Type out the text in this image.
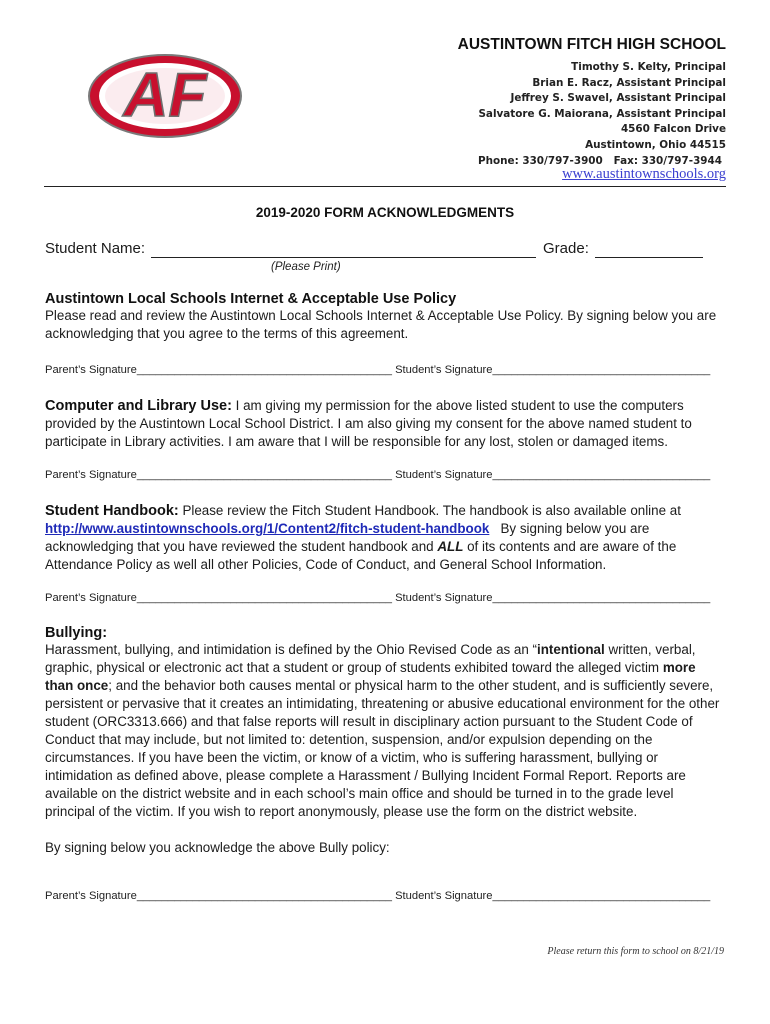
AF
AUSTINTOWN FITCH HIGH SCHOOL
Timothy S. Kelty, Principal
Brian E. Racz, Assistant Principal
Jeffrey S. Swavel, Assistant Principal
Salvatore G. Maiorana, Assistant Principal
4560 Falcon Drive
Austintown, Ohio 44515
Phone: 330/797-3900   Fax: 330/797-3944
www.austintownschools.org
2019-2020 FORM ACKNOWLEDGMENTS
Student Name:	Grade:
(Please Print)
Austintown Local Schools Internet & Acceptable Use Policy
Please read and review the Austintown Local Schools Internet & Acceptable Use Policy. By signing below you are acknowledging that you agree to the terms of this agreement.
Parent’s Signature_________________________________________ Student’s Signature___________________________________
Computer and Library Use: I am giving my permission for the above listed student to use the computers provided by the Austintown Local School District. I am also giving my consent for the above named student to participate in Library activities. I am aware that I will be responsible for any lost, stolen or damaged items.
Parent’s Signature_________________________________________ Student’s Signature___________________________________
Student Handbook: Please review the Fitch Student Handbook. The handbook is also available online at http://www.austintownschools.org/1/Content2/fitch-student-handbook   By signing below you are acknowledging that you have reviewed the student handbook and ALL of its contents and are aware of the Attendance Policy as well all other Policies, Code of Conduct, and General School Information.
Parent’s Signature_________________________________________ Student’s Signature___________________________________
Bullying:
Harassment, bullying, and intimidation is defined by the Ohio Revised Code as an “intentional written, verbal, graphic, physical or electronic act that a student or group of students exhibited toward the alleged victim more than once; and the behavior both causes mental or physical harm to the other student, and is sufficiently severe, persistent or pervasive that it creates an intimidating, threatening or abusive educational environment for the other student (ORC3313.666) and that false reports will result in disciplinary action pursuant to the Student Code of Conduct that may include, but not limited to: detention, suspension, and/or expulsion depending on the circumstances. If you have been the victim, or know of a victim, who is suffering harassment, bullying or intimidation as defined above, please complete a Harassment / Bullying Incident Formal Report. Reports are available on the district website and in each school’s main office and should be turned in to the grade level principal of the victim. If you wish to report anonymously, please use the form on the district website.
By signing below you acknowledge the above Bully policy:
Parent’s Signature_________________________________________ Student’s Signature___________________________________
Please return this form to school on 8/21/19
